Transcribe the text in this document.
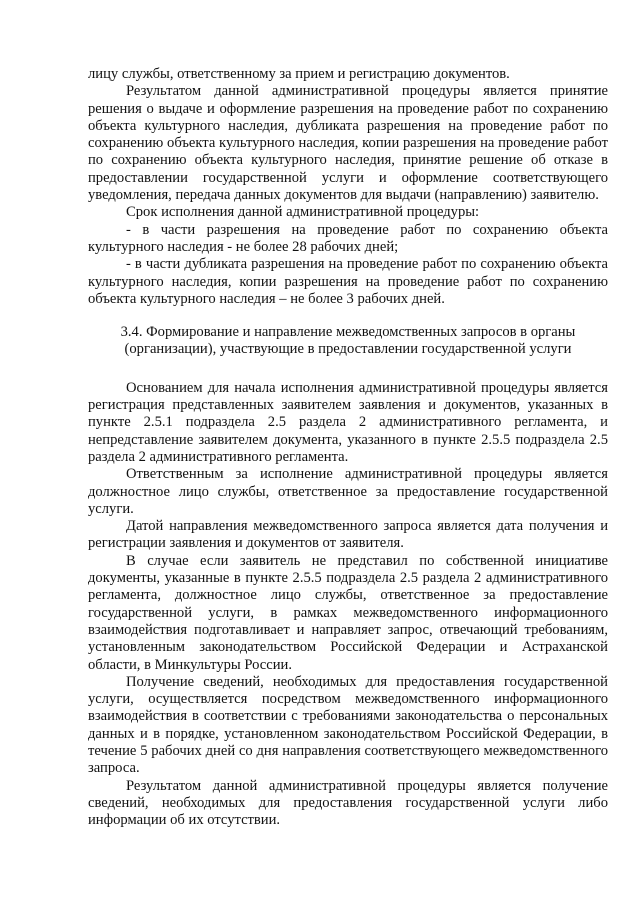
лицу службы, ответственному за прием и регистрацию документов.

Результатом данной административной процедуры является принятие решения о выдаче и оформление разрешения на проведение работ по сохранению объекта культурного наследия, дубликата разрешения на проведение работ по сохранению объекта культурного наследия, копии разрешения на проведение работ по сохранению объекта культурного наследия, принятие решение об отказе в предоставлении государственной услуги и оформление соответствующего уведомления, передача данных документов для выдачи (направлению) заявителю.

Срок исполнения данной административной процедуры:

- в части разрешения на проведение работ по сохранению объекта культурного наследия - не более 28 рабочих дней;

- в части дубликата разрешения на проведение работ по сохранению объекта культурного наследия, копии разрешения на проведение работ по сохранению объекта культурного наследия – не более 3 рабочих дней.

3.4. Формирование и направление межведомственных запросов в органы
(организации), участвующие в предоставлении государственной услуги

Основанием для начала исполнения административной процедуры является регистрация представленных заявителем заявления и документов, указанных в пункте 2.5.1 подраздела 2.5 раздела 2 административного регламента, и непредставление заявителем документа, указанного в пункте 2.5.5 подраздела 2.5 раздела 2 административного регламента.

Ответственным за исполнение административной процедуры является должностное лицо службы, ответственное за предоставление государственной услуги.

Датой направления межведомственного запроса является дата получения и регистрации заявления и документов от заявителя.

В случае если заявитель не представил по собственной инициативе документы, указанные в пункте 2.5.5 подраздела 2.5 раздела 2 административного регламента, должностное лицо службы, ответственное за предоставление государственной услуги, в рамках межведомственного информационного взаимодействия подготавливает и направляет запрос, отвечающий требованиям, установленным законодательством Российской Федерации и Астраханской области, в Минкультуры России.

Получение сведений, необходимых для предоставления государственной услуги, осуществляется посредством межведомственного информационного взаимодействия в соответствии с требованиями законодательства о персональных данных и в порядке, установленном законодательством Российской Федерации, в течение 5 рабочих дней со дня направления соответствующего межведомственного запроса.

Результатом данной административной процедуры является получение сведений, необходимых для предоставления государственной услуги либо информации об их отсутствии.
